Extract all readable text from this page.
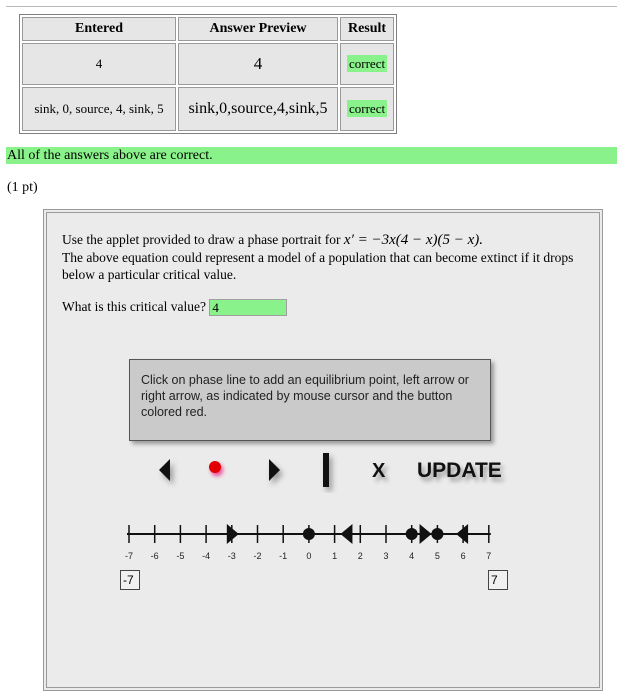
Entered	Answer Preview	Result
4	4	correct
sink, 0, source, 4, sink, 5	sink,0,source,4,sink,5	correct
All of the answers above are correct.
(1 pt)
Use the applet provided to draw a phase portrait for x′ = −3x(4 − x)(5 − x).
The above equation could represent a model of a population that can become extinct if it drops below a particular critical value.
What is this critical value? 4
Click on phase line to add an equilibrium point, left arrow or right arrow, as indicated by mouse cursor and the button colored red.
X UPDATE
-7	-6	-5	-4	-3	-2	-1	0	1	2	3	4	5	6	7
-7	7
